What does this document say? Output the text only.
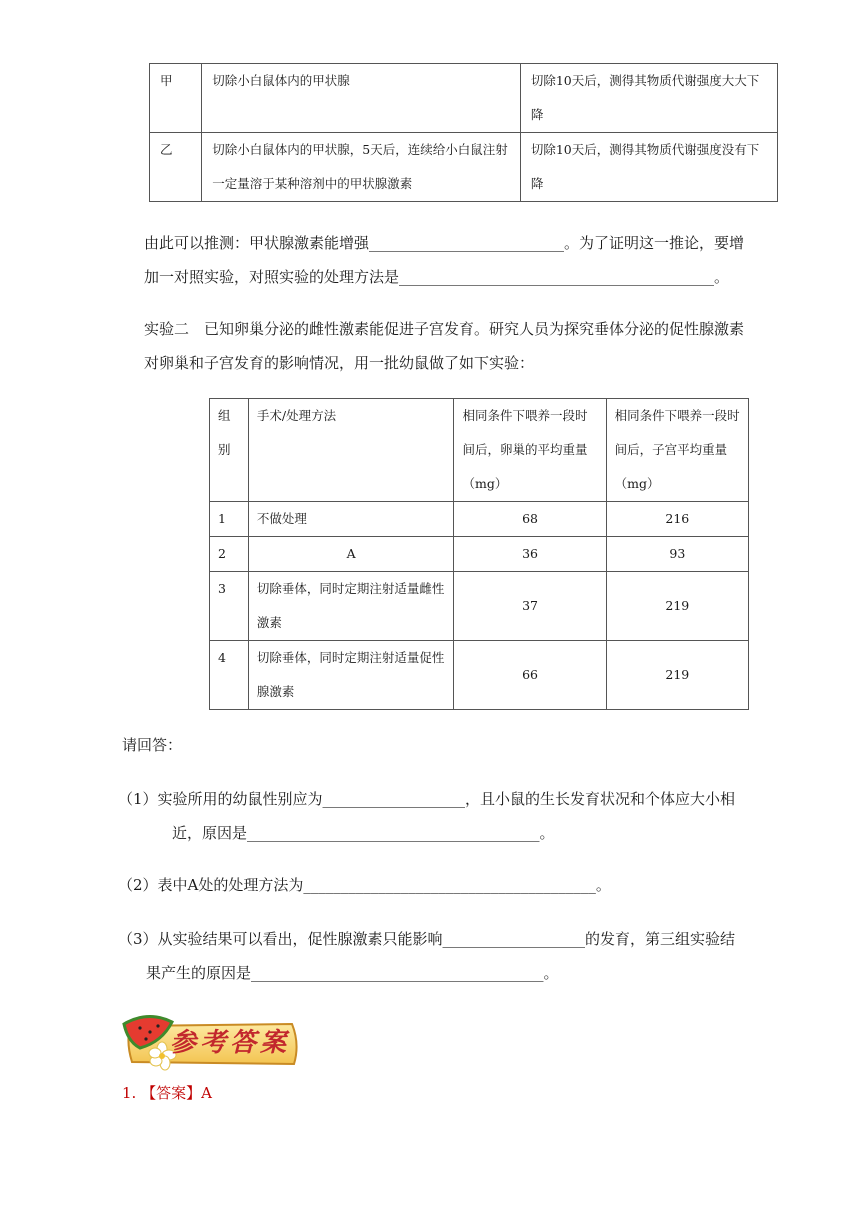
甲	切除小白鼠体内的甲状腺	切除10天后，测得其物质代谢强度大大下降
乙	切除小白鼠体内的甲状腺，5天后，连续给小白鼠注射一定量溶于某种溶剂中的甲状腺激素	切除10天后，测得其物质代谢强度没有下降
由此可以推测：甲状腺激素能增强__________________________。为了证明这一推论，要增
加一对照实验，对照实验的处理方法是__________________________________________。
实验二　已知卵巢分泌的雌性激素能促进子宫发育。研究人员为探究垂体分泌的促性腺激素
对卵巢和子宫发育的影响情况，用一批幼鼠做了如下实验：
组别	手术/处理方法	相同条件下喂养一段时间后，卵巢的平均重量（mg）	相同条件下喂养一段时间后，子宫平均重量（mg）
1	不做处理	68	216
2	A	36	93
3	切除垂体，同时定期注射适量雌性激素	37	219
4	切除垂体，同时定期注射适量促性腺激素	66	219
请回答：
（1）实验所用的幼鼠性别应为___________________，且小鼠的生长发育状况和个体应大小相
近，原因是_______________________________________。
（2）表中A处的处理方法为_______________________________________。
（3）从实验结果可以看出，促性腺激素只能影响___________________的发育，第三组实验结
果产生的原因是_______________________________________。
参考答案
1. 【答案】A
